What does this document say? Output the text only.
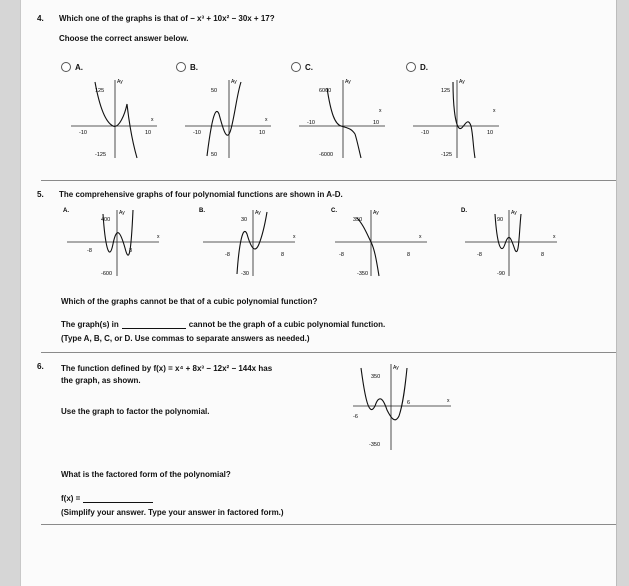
4. Which one of the graphs is that of − x³ + 10x² − 30x + 17?
Choose the correct answer below.
A.	B.	C.	D.
Ay
x
125
-125
-10	10
Ay
x
50
50
-10	10
Ay
x
6000
-6000
-10	10
Ay
x
125
-125
-10	10
5. The comprehensive graphs of four polynomial functions are shown in A-D.
A.	Ay
x
400
-600
-8	8
B.	Ay
x
30
-30
-8	8
C.	Ay
x
350
-350
-8	8
D.	Ay
x
90
-90
-8	8
Which of the graphs cannot be that of a cubic polynomial function?
The graph(s) in	cannot be the graph of a cubic polynomial function.
(Type A, B, C, or D. Use commas to separate answers as needed.)
6. The function defined by f(x) = x⁴ + 8x³ − 12x² − 144x has
the graph, as shown.
Use the graph to factor the polynomial.
Ay
x
350
-350
-6
6
What is the factored form of the polynomial?
f(x) =
(Simplify your answer. Type your answer in factored form.)
